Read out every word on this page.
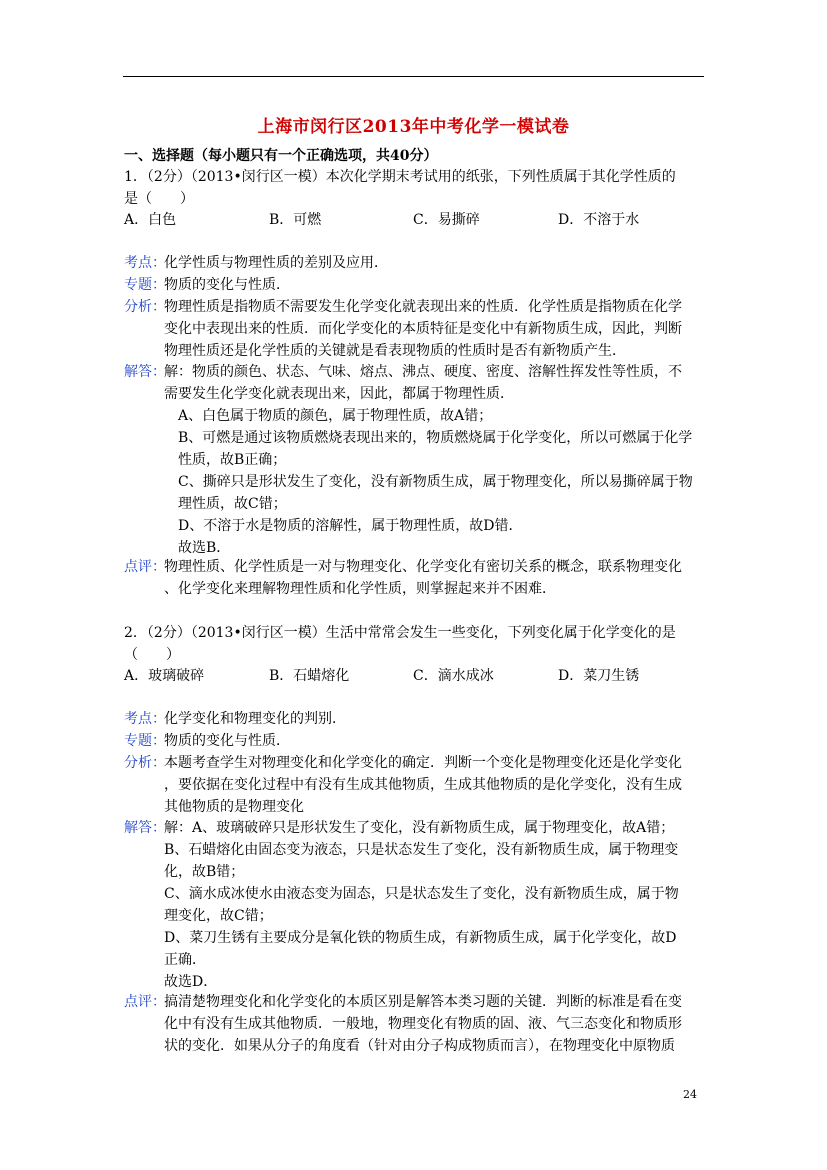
上海市闵行区2013年中考化学一模试卷
一、选择题（每小题只有一个正确选项，共40分）
1．（2分）（2013•闵行区一模）本次化学期末考试用的纸张，下列性质属于其化学性质的
是（　　）
A．白色	B．可燃	C．易撕碎	D．不溶于水
考点：
化学性质与物理性质的差别及应用．
专题：
物质的变化与性质．
分析：
物理性质是指物质不需要发生化学变化就表现出来的性质．化学性质是指物质在化学
变化中表现出来的性质．而化学变化的本质特征是变化中有新物质生成，因此，判断
物理性质还是化学性质的关键就是看表现物质的性质时是否有新物质产生．
解答：
解：物质的颜色、状态、气味、熔点、沸点、硬度、密度、溶解性挥发性等性质，不
需要发生化学变化就表现出来，因此，都属于物理性质．
　A、白色属于物质的颜色，属于物理性质，故A错；
　B、可燃是通过该物质燃烧表现出来的，物质燃烧属于化学变化，所以可燃属于化学
　性质，故B正确；
　C、撕碎只是形状发生了变化，没有新物质生成，属于物理变化，所以易撕碎属于物
　理性质，故C错；
　D、不溶于水是物质的溶解性，属于物理性质，故D错．
　故选B．
点评：
物理性质、化学性质是一对与物理变化、化学变化有密切关系的概念，联系物理变化
、化学变化来理解物理性质和化学性质，则掌握起来并不困难．
2．（2分）（2013•闵行区一模）生活中常常会发生一些变化，下列变化属于化学变化的是
（　　）
A．玻璃破碎	B．石蜡熔化	C．滴水成冰	D．菜刀生锈
考点：
化学变化和物理变化的判别．
专题：
物质的变化与性质．
分析：
本题考查学生对物理变化和化学变化的确定．判断一个变化是物理变化还是化学变化
，要依据在变化过程中有没有生成其他物质，生成其他物质的是化学变化，没有生成
其他物质的是物理变化
解答：
解：A、玻璃破碎只是形状发生了变化，没有新物质生成，属于物理变化，故A错；
B、石蜡熔化由固态变为液态，只是状态发生了变化，没有新物质生成，属于物理变
化，故B错；
C、滴水成冰使水由液态变为固态，只是状态发生了变化，没有新物质生成，属于物
理变化，故C错；
D、菜刀生锈有主要成分是氧化铁的物质生成，有新物质生成，属于化学变化，故D
正确．
故选D．
点评：
搞清楚物理变化和化学变化的本质区别是解答本类习题的关键．判断的标准是看在变
化中有没有生成其他物质．一般地，物理变化有物质的固、液、气三态变化和物质形
状的变化．如果从分子的角度看（针对由分子构成物质而言），在物理变化中原物质
24
